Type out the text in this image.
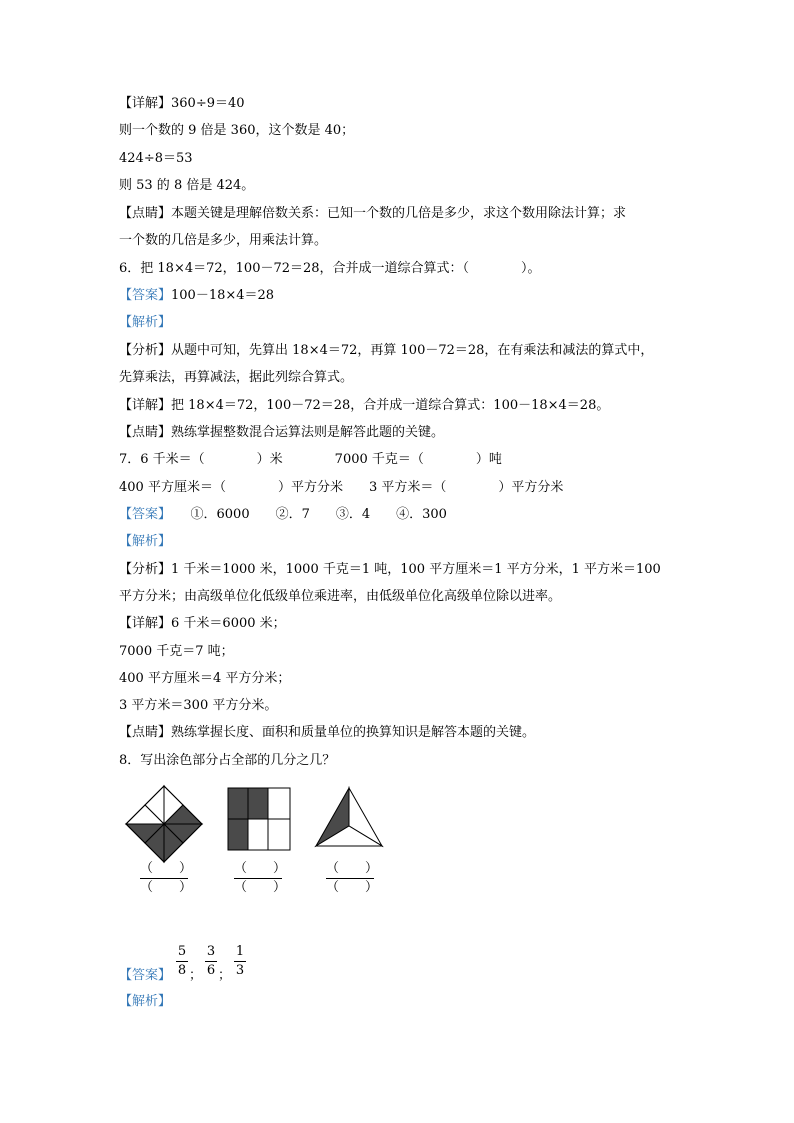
【详解】360÷9＝40
则一个数的 9 倍是 360，这个数是 40；
424÷8＝53
则 53 的 8 倍是 424。
【点睛】本题关键是理解倍数关系：已知一个数的几倍是多少，求这个数用除法计算；求
一个数的几倍是多少，用乘法计算。
6．把 18×4＝72，100－72＝28，合并成一道综合算式：（　　　　）。
【答案】100－18×4＝28
【解析】
【分析】从题中可知，先算出 18×4＝72，再算 100－72＝28，在有乘法和减法的算式中，
先算乘法，再算减法，据此列综合算式。
【详解】把 18×4＝72，100－72＝28，合并成一道综合算式：100－18×4＝28。
【点睛】熟练掌握整数混合运算法则是解答此题的关键。
7．6 千米＝（　　　　）米　　　　7000 千克＝（　　　　）吨
400 平方厘米＝（　　　　）平方分米　　3 平方米＝（　　　　）平方分米
【答案】　　①．6000　　②．7　　③．4　　④．300
【解析】
【分析】1 千米＝1000 米，1000 千克＝1 吨，100 平方厘米＝1 平方分米，1 平方米＝100
平方分米；由高级单位化低级单位乘进率，由低级单位化高级单位除以进率。
【详解】6 千米＝6000 米；
7000 千克＝7 吨；
400 平方厘米＝4 平方分米；
3 平方米＝300 平方分米。
【点睛】熟练掌握长度、面积和质量单位的换算知识是解答本题的关键。
8．写出涂色部分占全部的几分之几？
（　　）
（　　）
（　　）
（　　）
（　　）
（　　）
【答案】
5
8 ；
3
6 ；
1
3
【解析】
